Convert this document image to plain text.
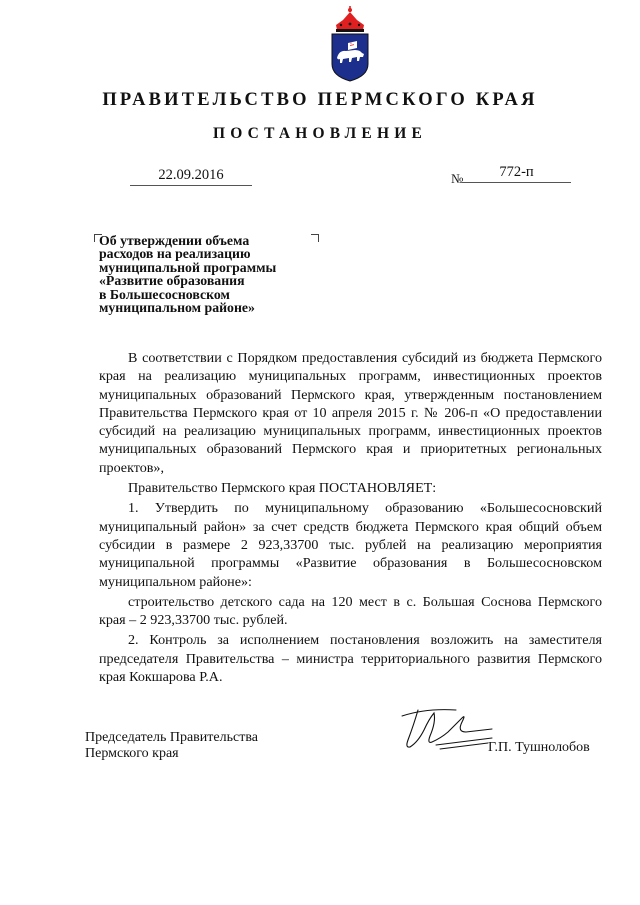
ПРАВИТЕЛЬСТВО ПЕРМСКОГО КРАЯ
ПОСТАНОВЛЕНИЕ
22.09.2016	№	772-п
Об утверждении объема
расходов на реализацию
муниципальной программы
«Развитие образования
в Большесосновском
муниципальном районе»

В соответствии с Порядком предоставления субсидий из бюджета Пермского края на реализацию муниципальных программ, инвестиционных проектов муниципальных образований Пермского края, утвержденным постановлением Правительства Пермского края от 10 апреля 2015 г. № 206-п «О предоставлении субсидий на реализацию муниципальных программ, инвестиционных проектов муниципальных образований Пермского края и приоритетных региональных проектов»,

Правительство Пермского края ПОСТАНОВЛЯЕТ:

1. Утвердить по муниципальному образованию «Большесосновский муниципальный район» за счет средств бюджета Пермского края общий объем субсидии в размере 2 923,33700 тыс. рублей на реализацию мероприятия муниципальной программы «Развитие образования в Большесосновском муниципальном районе»:

строительство детского сада на 120 мест в с. Большая Соснова Пермского края – 2 923,33700 тыс. рублей.

2. Контроль за исполнением постановления возложить на заместителя председателя Правительства – министра территориального развития Пермского края Кокшарова Р.А.

Председатель Правительства
Пермского края	Г.П. Тушнолобов
